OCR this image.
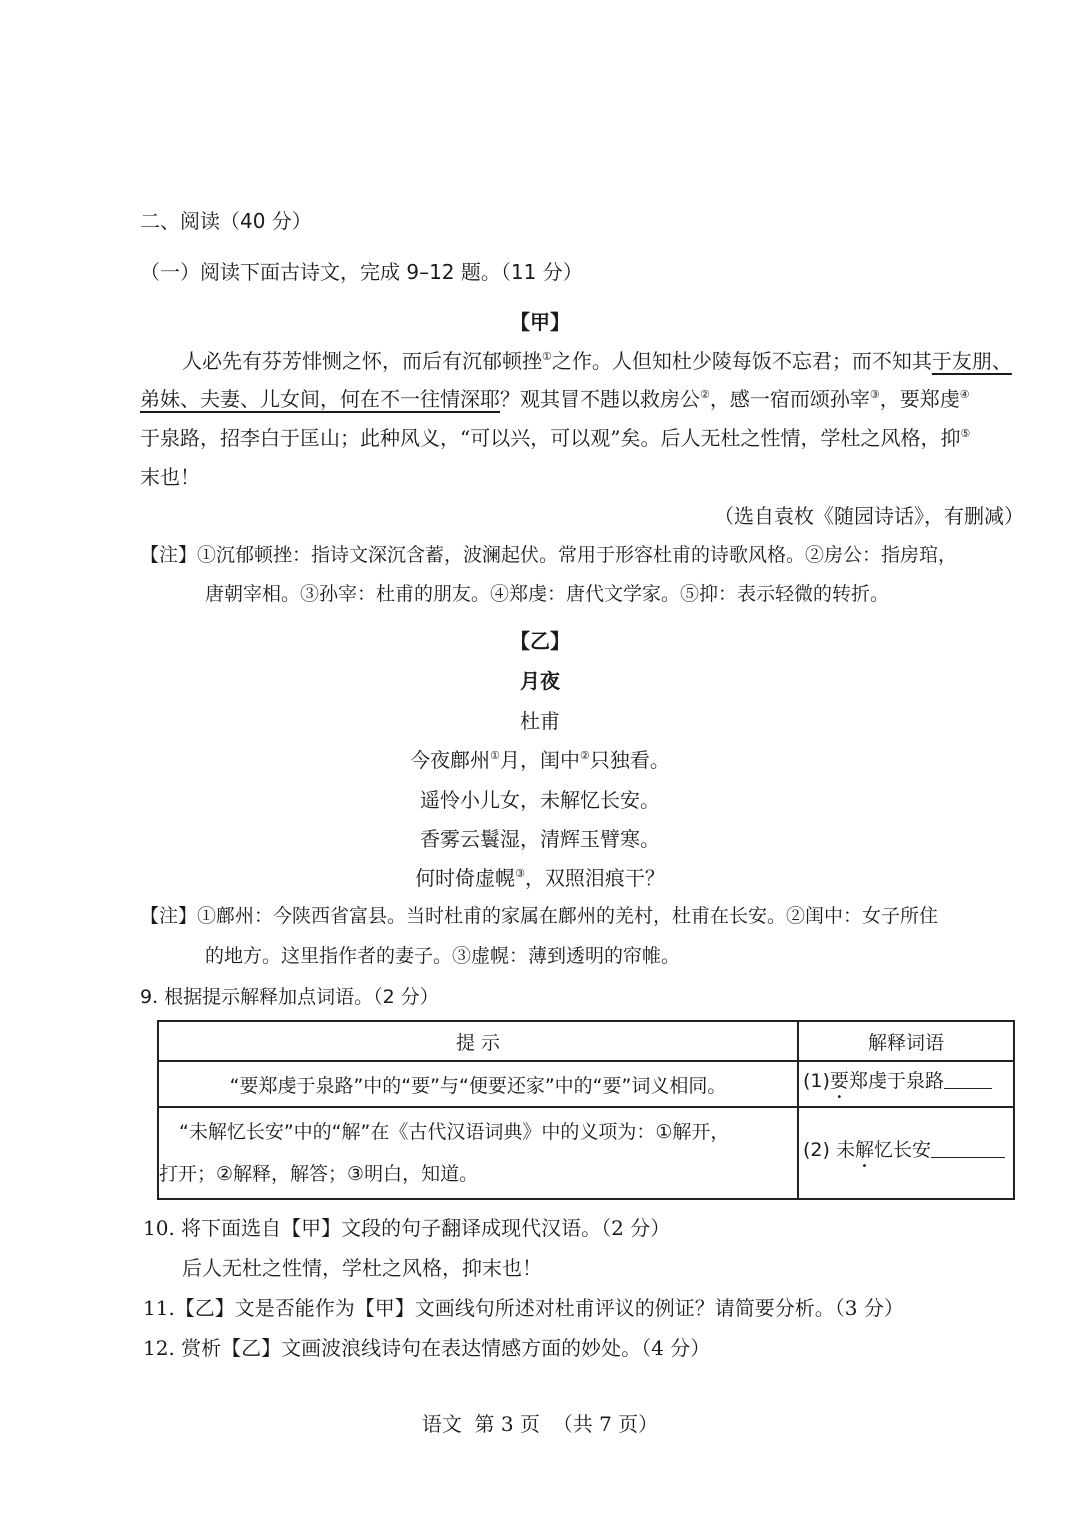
二、阅读（40 分）
（一）阅读下面古诗文，完成 9–12 题。（11 分）
【甲】
人必先有芬芳悱恻之怀，而后有沉郁顿挫①之作。人但知杜少陵每饭不忘君；而不知其于友朋、
弟妹、夫妻、儿女间，何在不一往情深耶？观其冒不韪以救房公②，感一宿而颂孙宰③，要郑虔④
于泉路，招李白于匡山；此种风义，“可以兴，可以观”矣。后人无杜之性情，学杜之风格，抑⑤
末也！
（选自袁枚《随园诗话》，有删减）
【注】①沉郁顿挫：指诗文深沉含蓄，波澜起伏。常用于形容杜甫的诗歌风格。②房公：指房琯，
唐朝宰相。③孙宰：杜甫的朋友。④郑虔：唐代文学家。⑤抑：表示轻微的转折。
【乙】
月夜
杜甫
今夜鄜州①月，闺中②只独看。
遥怜小儿女，未解忆长安。
香雾云鬟湿，清辉玉臂寒。
何时倚虚幌③，双照泪痕干？
【注】①鄜州：今陕西省富县。当时杜甫的家属在鄜州的羌村，杜甫在长安。②闺中：女子所住
的地方。这里指作者的妻子。③虚幌：薄到透明的帘帷。
9. 根据提示解释加点词语。（2 分）
提 示	解释词语
“要郑虔于泉路”中的“要”与“便要还家”中的“要”词义相同。	(1)要郑虔于泉路

“未解忆长安”中的“解”在《古代汉语词典》中的义项为：①解开，
打开；②解释，解答；③明白，知道。	(2) 未解忆长安
10. 将下面选自【甲】文段的句子翻译成现代汉语。（2 分）
后人无杜之性情，学杜之风格，抑末也！
11.【乙】文是否能作为【甲】文画线句所述对杜甫评议的例证？请简要分析。（3 分）
12. 赏析【乙】文画波浪线诗句在表达情感方面的妙处。（4 分）
语文  第 3 页  （共 7 页）
